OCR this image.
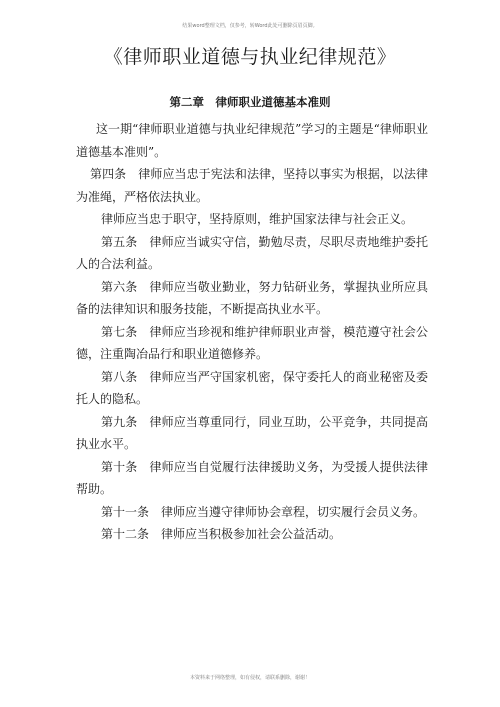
结果word整理文档，仅参考，转Word此处可删除页眉页脚。
《律师职业道德与执业纪律规范》
第二章　律师职业道德基本准则

这一期“律师职业道德与执业纪律规范”学习的主题是“律师职业道德基本准则”。

第四条　律师应当忠于宪法和法律，坚持以事实为根据，以法律为准绳，严格依法执业。

律师应当忠于职守，坚持原则，维护国家法律与社会正义。

第五条　律师应当诚实守信，勤勉尽责，尽职尽责地维护委托人的合法利益。

第六条　律师应当敬业勤业，努力钻研业务，掌握执业所应具备的法律知识和服务技能，不断提高执业水平。

第七条　律师应当珍视和维护律师职业声誉，模范遵守社会公德，注重陶冶品行和职业道德修养。

第八条　律师应当严守国家机密，保守委托人的商业秘密及委托人的隐私。

第九条　律师应当尊重同行，同业互助，公平竞争，共同提高执业水平。

第十条　律师应当自觉履行法律援助义务，为受援人提供法律帮助。

第十一条　律师应当遵守律师协会章程，切实履行会员义务。

第十二条　律师应当积极参加社会公益活动。

本资料来于网络整理，如有侵权，请联系删除，谢谢！
